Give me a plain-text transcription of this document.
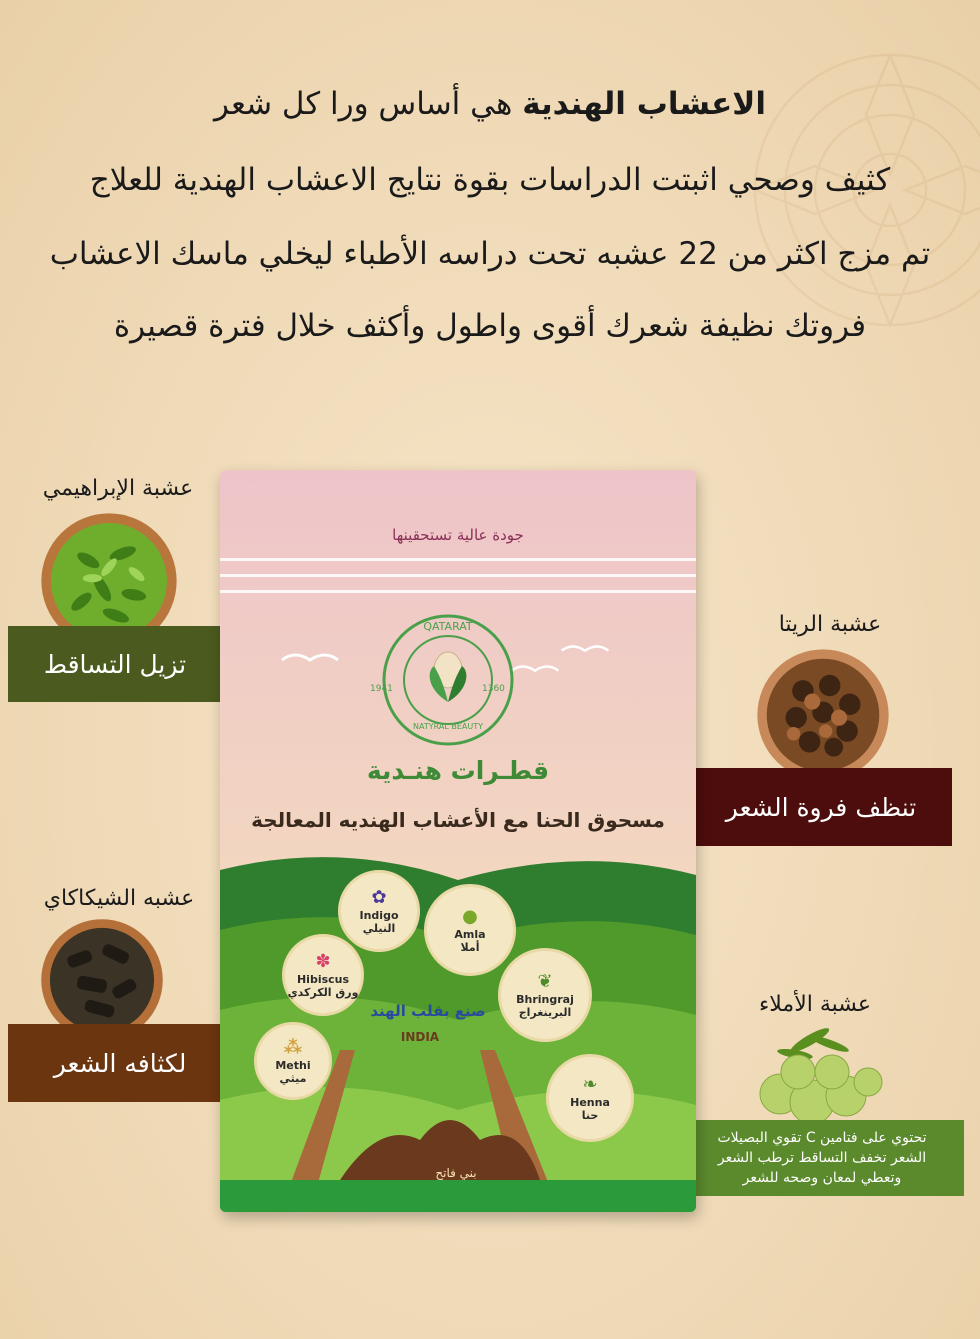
الاعشاب الهندية هي أساس ورا كل شعر
كثيف وصحي اثبتت الدراسات بقوة نتايج الاعشاب الهندية للعلاج
تم مزج اكثر من 22 عشبه تحت دراسه الأطباء ليخلي ماسك الاعشاب
فروتك نظيفة شعرك أقوى واطول وأكثف خلال فترة قصيرة
عشبة الإبراهيمي
تزيل التساقط
عشبة الريتا
تنظف فروة الشعر
عشبه الشيكاكاي
لكثافه الشعر
عشبة الأملاء
تحتوي على فتامين C تقوي البصيلات
الشعر تخفف التساقط ترطب الشعر
وتعطي لمعان وصحه للشعر
جودة عالية تستحقينها
QATARAT
NATYRAL BEAUTY
1941	1360
قطـرات هنـدية
مسحوق الحنا مع الأعشاب الهنديه المعالجة
✿
Indigo
النيلي
●
Amla
أملا
✽
Hibiscus
ورق الكركدي
❦
Bhringraj
البرينغراج
⁂
Methi
ميثي	❧
Henna
حنا
صنع بقلب الهند
INDIA
بني فاتح
